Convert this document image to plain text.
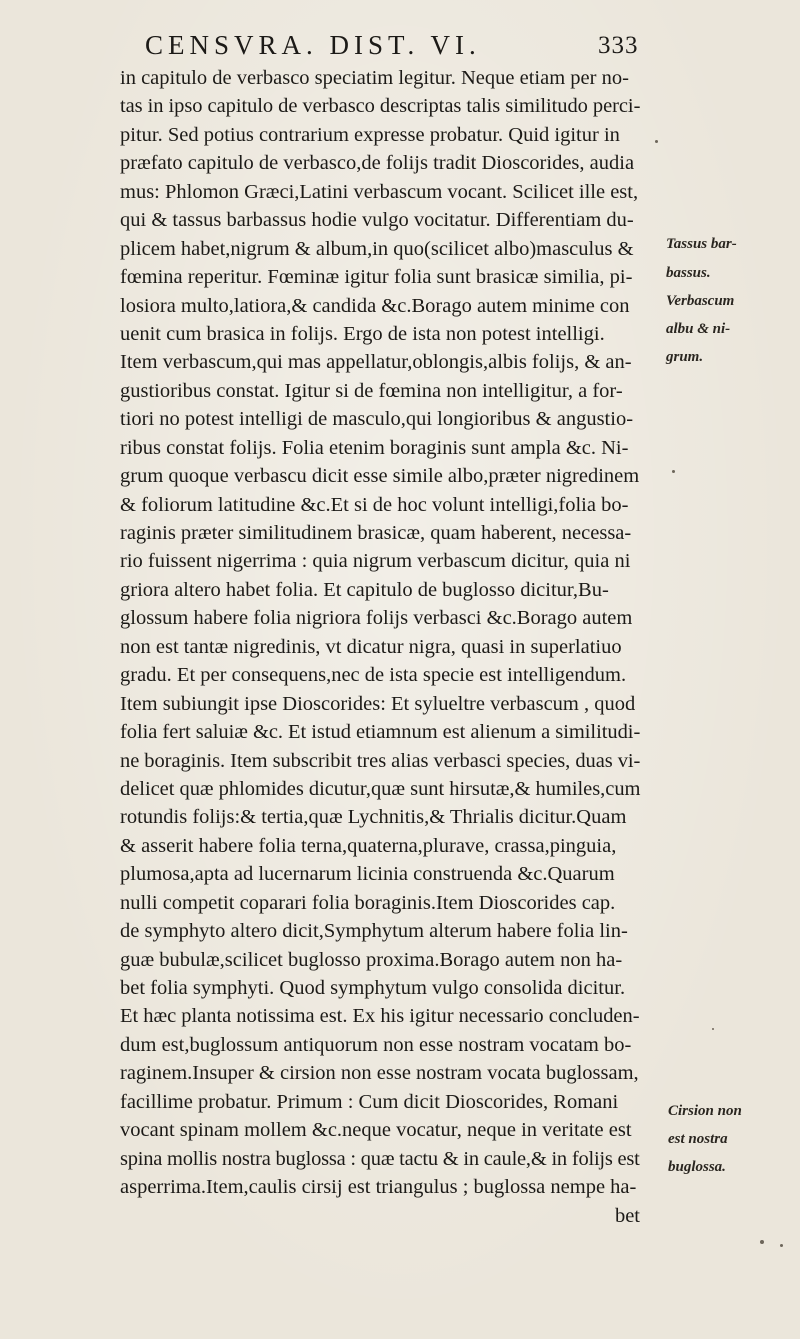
CENSVRA. DIST. VI.	333
in capitulo de verbasco speciatim legitur. Neque etiam per no-
tas in ipso capitulo de verbasco descriptas talis similitudo perci-
pitur. Sed potius contrarium expresse probatur. Quid igitur in
præfato capitulo de verbasco,de folijs tradit Dioscorides, audia
mus: Phlomon Græci,Latini verbascum vocant. Scilicet ille est,
qui & tassus barbassus hodie vulgo vocitatur. Differentiam du-
plicem habet,nigrum & album,in quo(scilicet albo)masculus &
fœmina reperitur. Fœminæ igitur folia sunt brasicæ similia, pi-
losiora multo,latiora,& candida &c.Borago autem minime con
uenit cum brasica in folijs. Ergo de ista non potest intelligi.
Item verbascum,qui mas appellatur,oblongis,albis folijs, & an-
gustioribus constat. Igitur si de fœmina non intelligitur, a for-
tiori no potest intelligi de masculo,qui longioribus & angustio-
ribus constat folijs. Folia etenim boraginis sunt ampla &c. Ni-
grum quoque verbascu dicit esse simile albo,præter nigredinem
& foliorum latitudine &c.Et si de hoc volunt intelligi,folia bo-
raginis præter similitudinem brasicæ, quam haberent, necessa-
rio fuissent nigerrima : quia nigrum verbascum dicitur, quia ni
griora altero habet folia. Et capitulo de buglosso dicitur,Bu-
glossum habere folia nigriora folijs verbasci &c.Borago autem
non est tantæ nigredinis, vt dicatur nigra, quasi in superlatiuo
gradu. Et per consequens,nec de ista specie est intelligendum.
Item subiungit ipse Dioscorides: Et sylueltre verbascum , quod
folia fert saluiæ &c. Et istud etiamnum est alienum a similitudi-
ne boraginis. Item subscribit tres alias verbasci species, duas vi-
delicet quæ phlomides dicutur,quæ sunt hirsutæ,& humiles,cum
rotundis folijs:& tertia,quæ Lychnitis,& Thrialis dicitur.Quam
& asserit habere folia terna,quaterna,plurave, crassa,pinguia,
plumosa,apta ad lucernarum licinia construenda &c.Quarum
nulli competit coparari folia boraginis.Item Dioscorides cap.
de symphyto altero dicit,Symphytum alterum habere folia lin-
guæ bubulæ,scilicet buglosso proxima.Borago autem non ha-
bet folia symphyti. Quod symphytum vulgo consolida dicitur.
Et hæc planta notissima est. Ex his igitur necessario concluden-
dum est,buglossum antiquorum non esse nostram vocatam bo-
raginem.Insuper & cirsion non esse nostram vocata buglossam,
facillime probatur. Primum : Cum dicit Dioscorides, Romani
vocant spinam mollem &c.neque vocatur, neque in veritate est
spina mollis nostra buglossa : quæ tactu & in caule,& in folijs est
asperrima.Item,caulis cirsij est triangulus ; buglossa nempe ha-
bet
Tassus bar-
bassus.
Verbascum
albu & ni-
grum.
Cirsion non
est nostra
buglossa.
